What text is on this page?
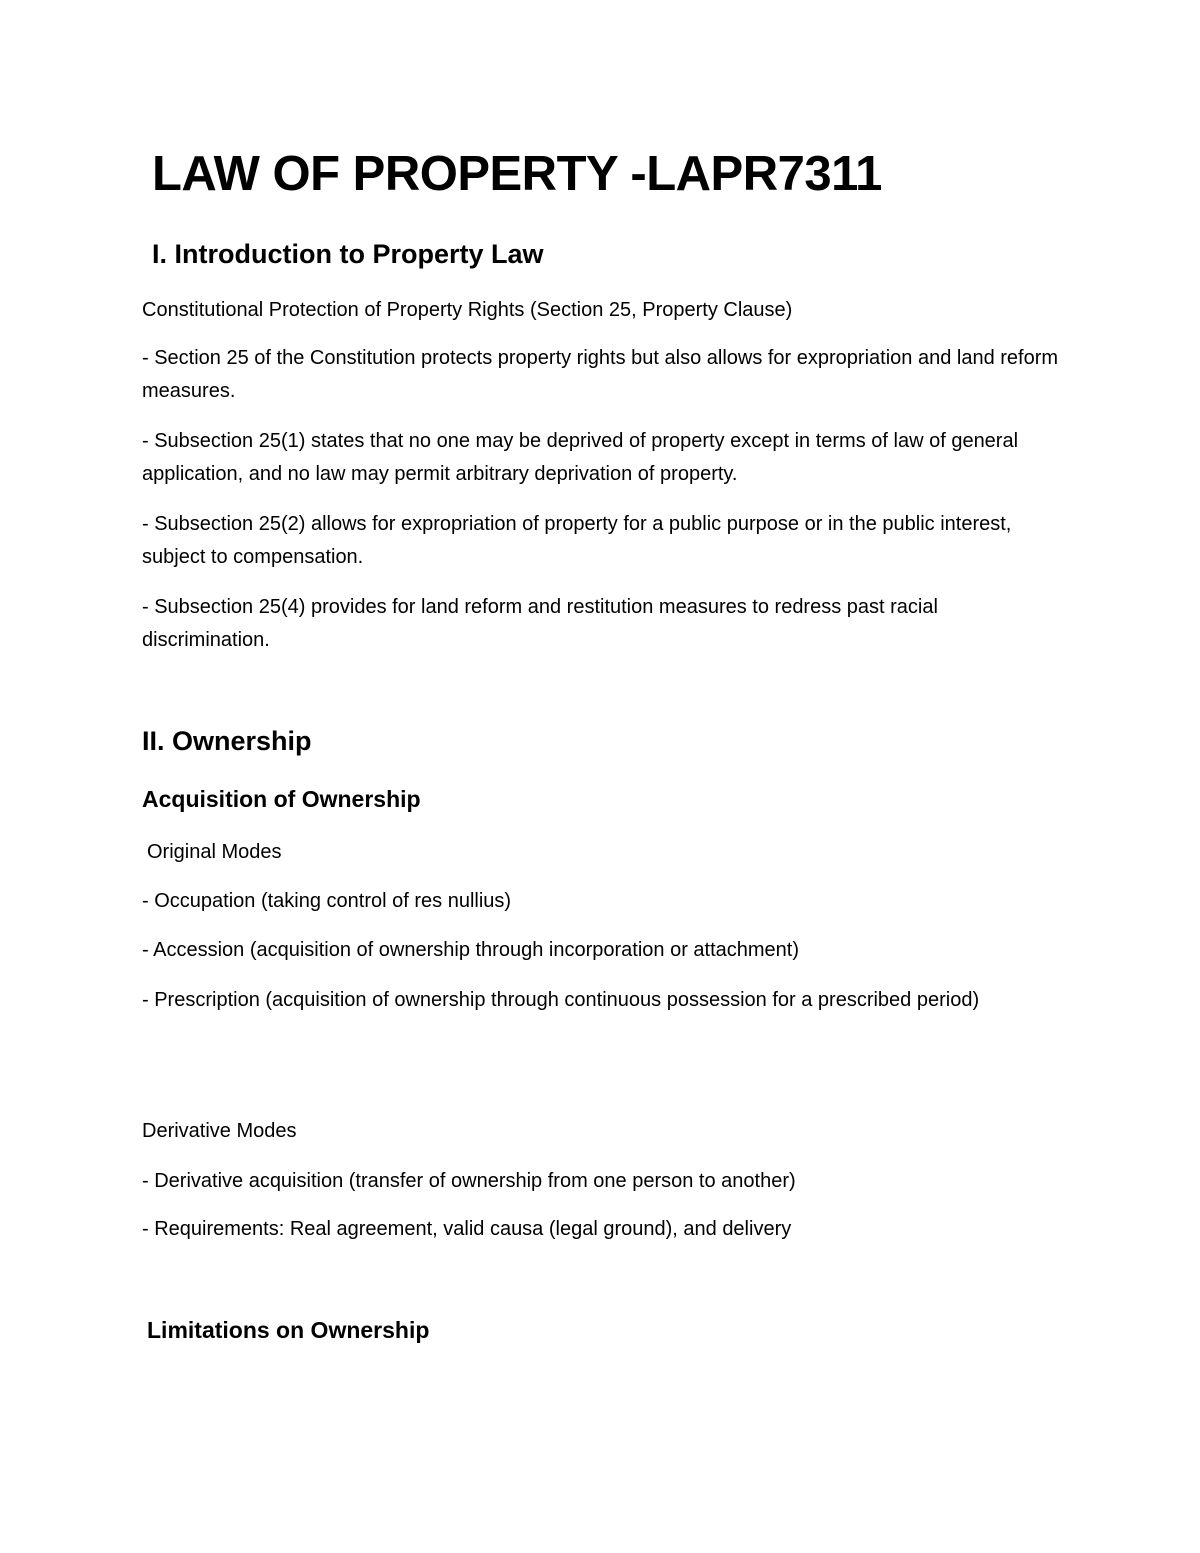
LAW OF PROPERTY -LAPR7311
I. Introduction to Property Law

Constitutional Protection of Property Rights (Section 25, Property Clause)

- Section 25 of the Constitution protects property rights but also allows for expropriation and land reform measures.

- Subsection 25(1) states that no one may be deprived of property except in terms of law of general application, and no law may permit arbitrary deprivation of property.

- Subsection 25(2) allows for expropriation of property for a public purpose or in the public interest, subject to compensation.

- Subsection 25(4) provides for land reform and restitution measures to redress past racial discrimination.

II. Ownership
Acquisition of Ownership

Original Modes

- Occupation (taking control of res nullius)

- Accession (acquisition of ownership through incorporation or attachment)

- Prescription (acquisition of ownership through continuous possession for a prescribed period)

Derivative Modes

- Derivative acquisition (transfer of ownership from one person to another)

- Requirements: Real agreement, valid causa (legal ground), and delivery

Limitations on Ownership
